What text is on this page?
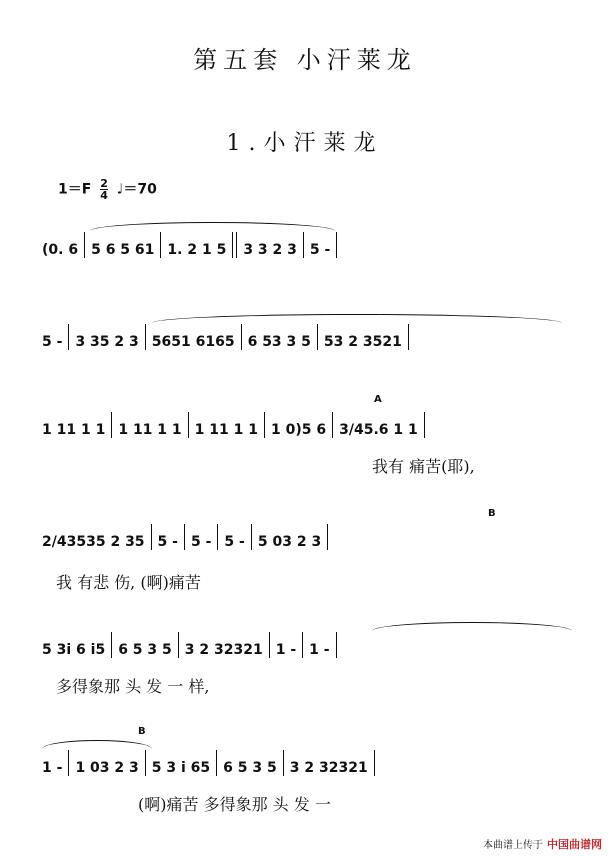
第五套 小汗莱龙
1.小汗莱龙
$1=F \frac{2}{4}$ ♩＝70
(0. 6 5 6 5 61 1. 2 1 5 3 3 2 3 5 -
5 - 3 35 2 3 5651 6165 6 53 3 5 53 2 3521
A
1 11 1 1 1 11 1 1 1 11 1 1 1 0) 5 6 3/4 5.6 1 1
我有 痛苦(耶),
B
2/4 3535 2 35 5 - 5 - 5 - 5 03 2 3
我 有悲 伤, (啊)痛苦
5 3i 6 i5 6 5 3 5 3 2 32321 1 - 1 -
多得象那 头 发 一 样,
B
1 - 1 03 2 3 5 3 i 65 6 5 3 5 3 2 32321
(啊)痛苦 多得象那 头 发 一
本曲谱上传于 中国曲谱网
